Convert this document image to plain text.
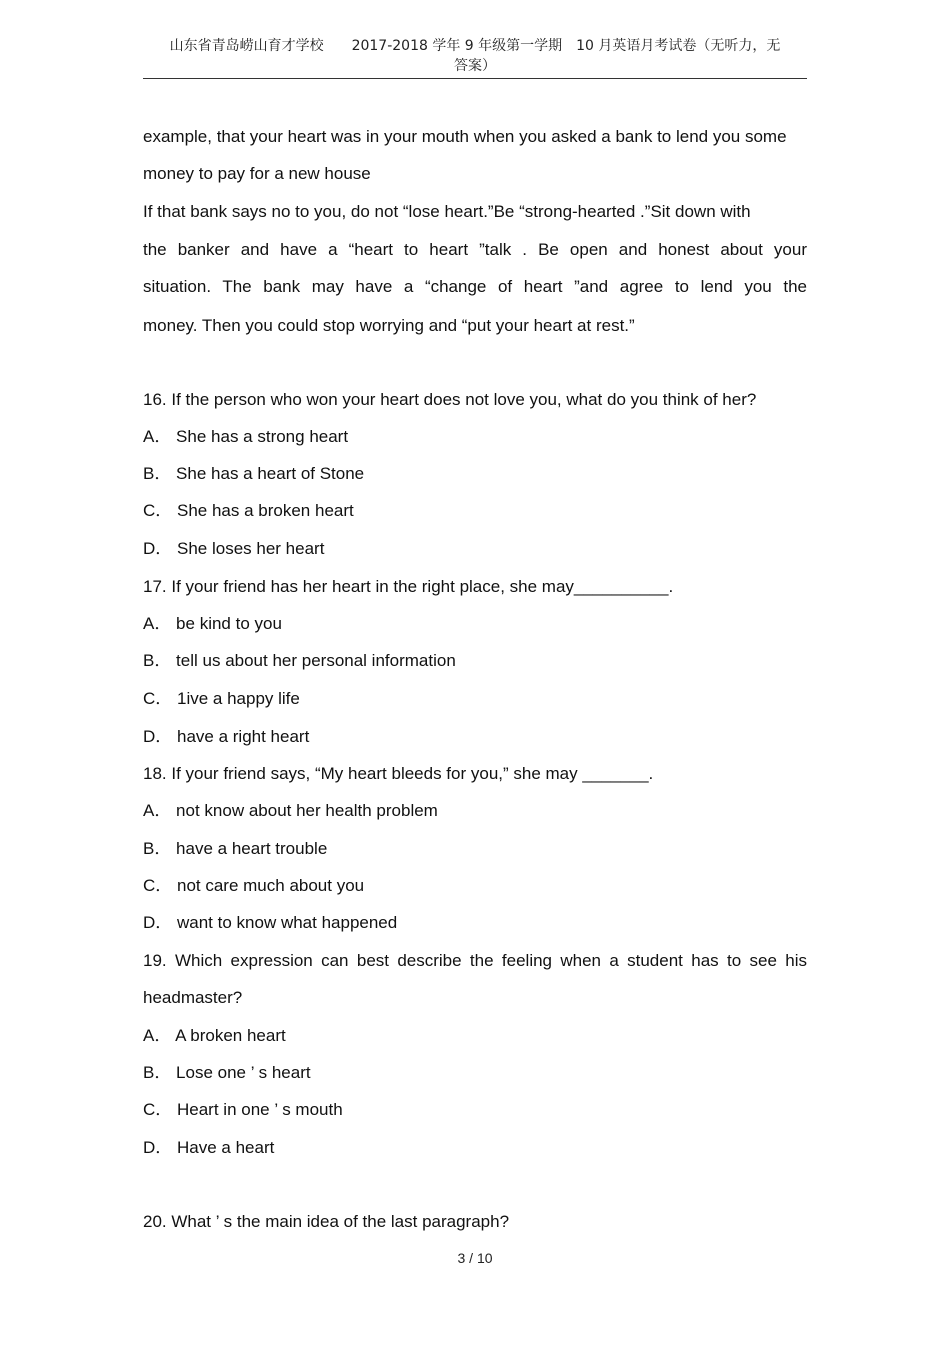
山东省青岛崂山育才学校　　2017-2018 学年 9 年级第一学期　10 月英语月考试卷（无听力，无
答案）
example, that your heart was in your mouth when you asked a bank to lend you some
money to pay for a new house
If that bank says no to you, do not “lose heart.”Be “strong-hearted .”Sit down with
the banker and have a “heart to heart ”talk . Be open and honest about your
situation. The bank may have a “change of heart ”and agree to lend you the
money. Then you could stop worrying and “put your heart at rest.”
16. If the person who won your heart does not love you, what do you think of her?
A． She has a strong heart
B． She has a heart of Stone
C． She has a broken heart
D． She loses her heart
17. If your friend has her heart in the right place, she may__________.
A． be kind to you
B． tell us about her personal information
C． 1ive a happy life
D． have a right heart
18. If your friend says, “My heart bleeds for you,” she may _______.
A． not know about her health problem
B． have a heart trouble
C． not care much about you
D． want to know what happened
19. Which expression can best describe the feeling when a student has to see his
headmaster?
A． A broken heart
B． Lose one ’ s heart
C． Heart in one ’ s mouth
D． Have a heart
20. What ’ s the main idea of the last paragraph?
3 / 10
